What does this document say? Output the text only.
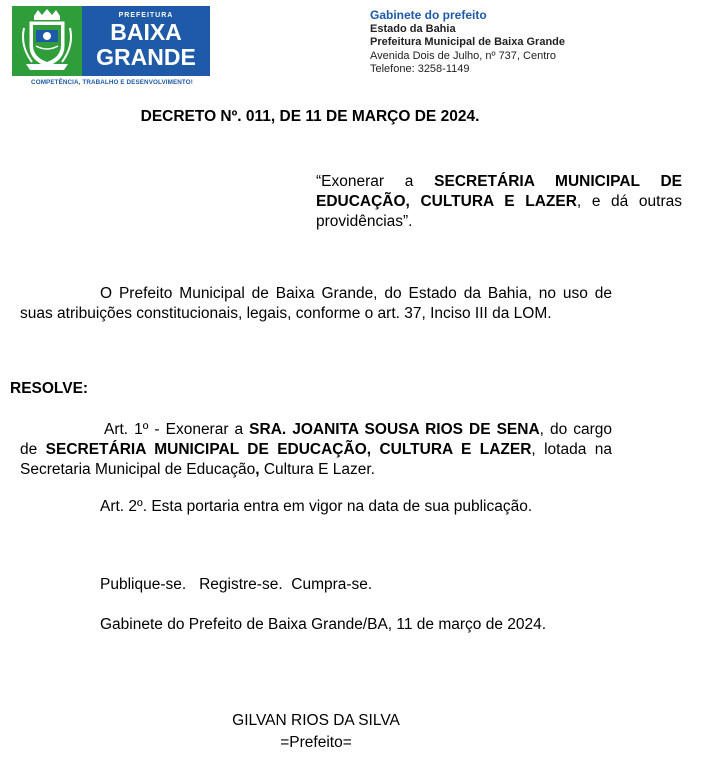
PREFEITURA
BAIXA
GRANDE
COMPETÊNCIA, TRABALHO E DESENVOLVIMENTO!
Gabinete do prefeito
Estado da Bahia
Prefeitura Municipal de Baixa Grande
Avenida Dois de Julho, nº 737, Centro
Telefone: 3258-1149
DECRETO Nº. 011, DE 11 DE MARÇO DE 2024.
“Exonerar a SECRETÁRIA MUNICIPAL DE EDUCAÇÃO, CULTURA E LAZER, e dá outras providências”.
O Prefeito Municipal de Baixa Grande, do Estado da Bahia, no uso de suas atribuições constitucionais, legais, conforme o art. 37, Inciso III da LOM.
RESOLVE:
Art. 1º - Exonerar a SRA. JOANITA SOUSA RIOS DE SENA, do cargo de SECRETÁRIA MUNICIPAL DE EDUCAÇÃO, CULTURA E LAZER, lotada na Secretaria Municipal de Educação, Cultura E Lazer.
Art. 2º. Esta portaria entra em vigor na data de sua publicação.
Publique-se.   Registre-se.  Cumpra-se.
Gabinete do Prefeito de Baixa Grande/BA, 11 de março de 2024.
GILVAN RIOS DA SILVA
=Prefeito=
